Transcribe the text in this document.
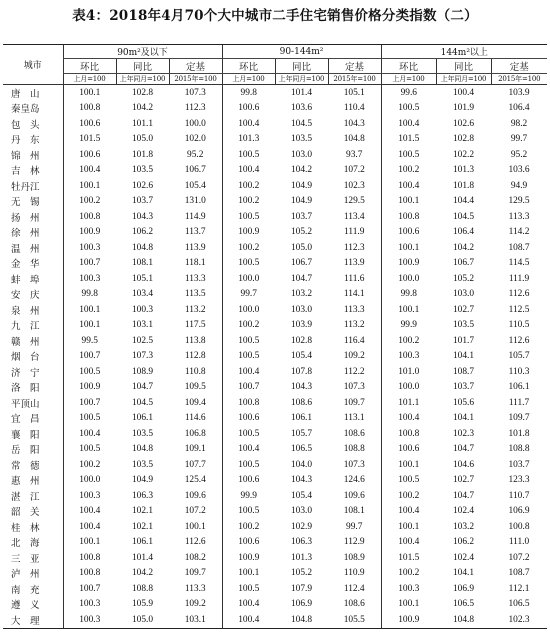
表4：2018年4月70个大中城市二手住宅销售价格分类指数（二）
城市	90m²及以下			90-144m²			144m²以上		
	环比	同比	定基	环比	同比	定基	环比	同比	定基
	上月=100	上年同月=100	2015年=100	上月=100	上年同月=100	2015年=100	上月=100	上年同月=100	2015年=100
唐　山	100.1	102.8	107.3	99.8	101.4	105.1	99.6	100.4	103.9
秦皇岛	100.8	104.2	112.3	100.6	103.6	110.4	100.5	101.9	106.4
包　头	100.6	101.1	100.0	100.4	104.5	104.3	100.4	102.6	98.2
丹　东	101.5	105.0	102.0	101.3	103.5	104.8	101.5	102.8	99.7
锦　州	100.6	101.8	95.2	100.5	103.0	93.7	100.5	102.2	95.2
吉　林	100.4	103.5	106.7	100.4	104.2	107.2	100.2	101.3	103.6
牡丹江	100.1	102.6	105.4	100.2	104.9	102.3	100.4	101.8	94.9
无　锡	100.2	103.7	131.0	100.2	104.9	129.5	100.1	104.4	129.5
扬　州	100.8	104.3	114.9	100.5	103.7	113.4	100.8	104.5	113.3
徐　州	100.9	106.2	113.7	100.9	105.2	111.9	100.6	106.4	114.2
温　州	100.3	104.8	113.9	100.2	105.0	112.3	100.1	104.2	108.7
金　华	100.7	108.1	118.1	100.5	106.7	113.9	100.9	106.7	114.5
蚌　埠	100.3	105.1	113.3	100.0	104.7	111.6	100.0	105.2	111.9
安　庆	99.8	103.4	113.5	99.7	103.2	114.1	99.8	103.0	112.6
泉　州	100.1	100.3	113.2	100.0	103.0	113.3	100.1	102.7	112.5
九　江	100.1	103.1	117.5	100.2	103.9	113.2	99.9	103.5	110.5
赣　州	99.5	102.5	113.8	100.5	102.8	116.4	100.2	101.7	112.6
烟　台	100.7	107.3	112.8	100.5	105.4	109.2	100.3	104.1	105.7
济　宁	100.5	108.9	110.8	100.4	107.8	112.2	101.0	108.7	110.3
洛　阳	100.9	104.7	109.5	100.7	104.3	107.3	100.0	103.7	106.1
平顶山	100.7	104.5	109.4	100.8	108.6	109.7	101.1	105.6	111.7
宜　昌	100.5	106.1	114.6	100.6	106.1	113.1	100.4	104.1	109.7
襄　阳	100.4	103.5	106.8	100.5	105.7	108.6	100.8	102.3	101.8
岳　阳	100.5	104.8	109.1	100.4	106.5	108.8	100.6	104.7	108.8
常　德	100.2	103.5	107.7	100.5	104.0	107.3	100.1	104.6	103.7
惠　州	100.0	104.9	125.4	100.6	104.3	124.6	100.5	102.7	123.3
湛　江	100.3	106.3	109.6	99.9	105.4	109.6	100.2	104.7	110.7
韶　关	100.4	102.1	107.2	100.5	103.0	108.1	100.4	102.4	106.9
桂　林	100.4	102.1	100.1	100.2	102.9	99.7	100.1	103.2	100.8
北　海	100.1	106.1	112.6	100.6	106.3	112.9	100.4	106.2	111.0
三　亚	100.8	101.4	108.2	100.9	101.3	108.9	101.5	102.4	107.2
泸　州	100.8	104.2	109.7	100.1	105.2	110.9	100.2	104.1	108.7
南　充	100.7	108.8	113.3	100.5	107.9	112.4	100.3	106.9	112.1
遵　义	100.3	105.9	109.2	100.4	106.9	108.6	100.1	106.5	106.5
大　理	100.3	105.0	103.1	100.4	104.8	105.5	100.9	104.8	102.3
